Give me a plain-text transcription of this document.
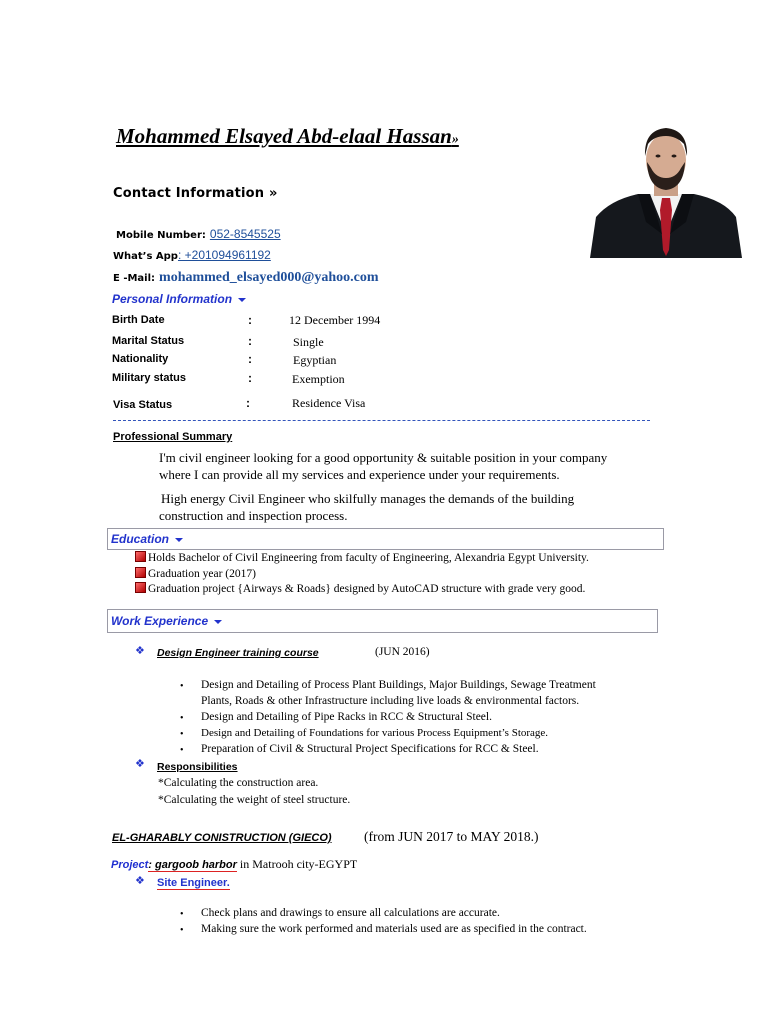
Mohammed Elsayed Abd-elaal Hassan»
Contact Information »
Mobile Number: 052-8545525
What’s App: +201094961192
E -Mail: mohammed_elsayed000@yahoo.com
Personal Information
Birth Date	:	12 December 1994
Marital Status	:	Single
Nationality	:	Egyptian
Military status	:	Exemption
Visa Status	:	Residence Visa
Professional Summary
I'm civil engineer looking for a good opportunity & suitable position in your company
where I can provide all my services and experience under your requirements.
High energy Civil Engineer who skilfully manages the demands of the building
construction and inspection process.
Education
Holds Bachelor of Civil Engineering from faculty of Engineering, Alexandria Egypt University.
Graduation year (2017)
Graduation project {Airways & Roads} designed by AutoCAD structure with grade very good.
Work Experience
❖ Design Engineer training course	(JUN 2016)
• Design and Detailing of Process Plant Buildings, Major Buildings, Sewage Treatment
Plants, Roads & other Infrastructure including live loads & environmental factors.
• Design and Detailing of Pipe Racks in RCC & Structural Steel.
• Design and Detailing of Foundations for various Process Equipment’s Storage.
• Preparation of Civil & Structural Project Specifications for RCC & Steel.
❖ Responsibilities
*Calculating the construction area.
*Calculating the weight of steel structure.
EL-GHARABLY CONISTRUCTION (GIECO) (from JUN 2017 to MAY 2018.)
Project: gargoob harbor in Matrooh city-EGYPT
❖ Site Engineer.
• Check plans and drawings to ensure all calculations are accurate.
• Making sure the work performed and materials used are as specified in the contract.
